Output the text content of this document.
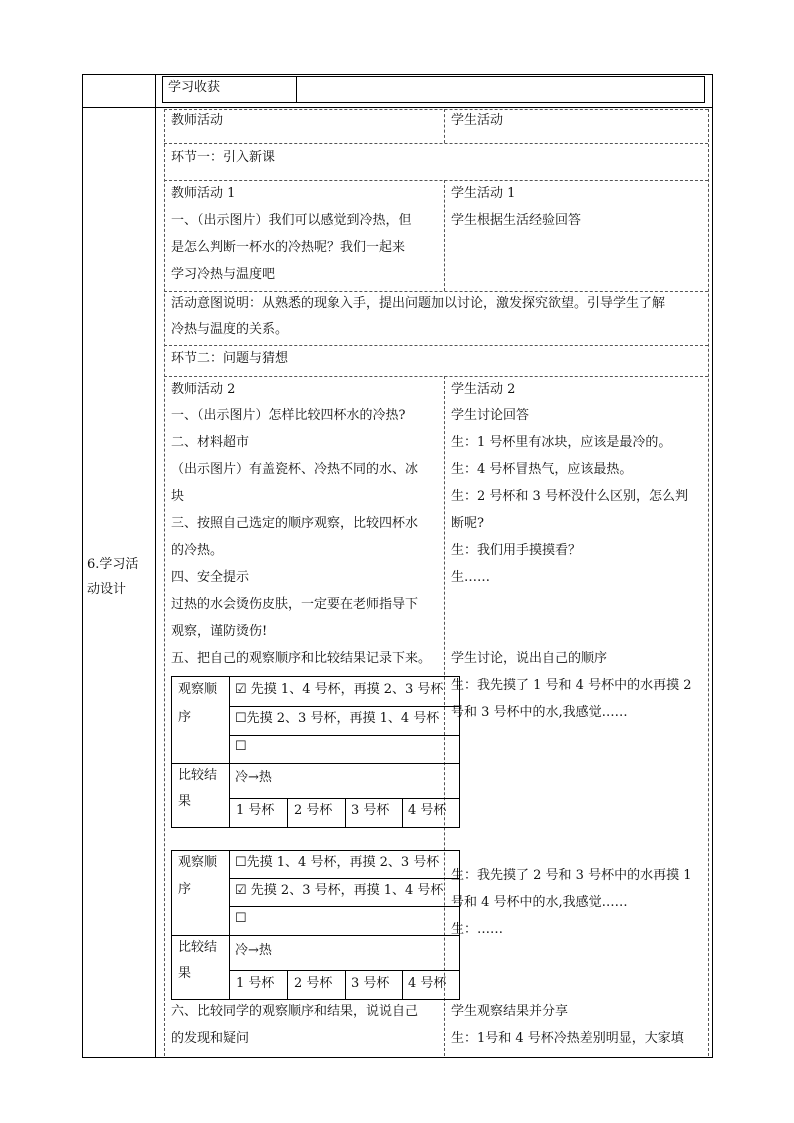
学习收获
6.学习活
动设计
教师活动	学生活动
环节一：引入新课
教师活动 1
一、（出示图片）我们可以感觉到冷热，但
是怎么判断一杯水的冷热呢？我们一起来
学习冷热与温度吧
学生活动 1
学生根据生活经验回答
活动意图说明：从熟悉的现象入手，提出问题加以讨论，激发探究欲望。引导学生了解
冷热与温度的关系。
环节二：问题与猜想
教师活动 2
一、（出示图片）怎样比较四杯水的冷热?
二、材料超市
（出示图片）有盖瓷杯、冷热不同的水、冰
块
三、按照自己选定的顺序观察，比较四杯水
的冷热。
四、安全提示
过热的水会烫伤皮肤，一定要在老师指导下
观察，谨防烫伤!
五、把自己的观察顺序和比较结果记录下来。
学生活动 2
学生讨论回答
生：1 号杯里有冰块，应该是最冷的。
生：4 号杯冒热气，应该最热。
生：2 号杯和 3 号杯没什么区别，怎么判
断呢?
生：我们用手摸摸看？
生……
学生讨论，说出自己的顺序
生：我先摸了 1 号和 4 号杯中的水再摸 2
号和 3 号杯中的水,我感觉……
生：我先摸了 2 号和 3 号杯中的水再摸 1
号和 4 号杯中的水,我感觉……
生：……
观察顺
序
☑ 先摸 1、4 号杯，再摸 2、3 号杯
☐先摸 2、3 号杯，再摸 1、4 号杯
☐
比较结
果
冷→热
1 号杯 2 号杯 3 号杯 4 号杯
观察顺
序
☐先摸 1、4 号杯，再摸 2、3 号杯
☑ 先摸 2、3 号杯，再摸 1、4 号杯
☐
比较结
果
冷→热
1 号杯 2 号杯 3 号杯 4 号杯
六、比较同学的观察顺序和结果，说说自己
的发现和疑问
学生观察结果并分享
生：1号和 4 号杯冷热差别明显，大家填
